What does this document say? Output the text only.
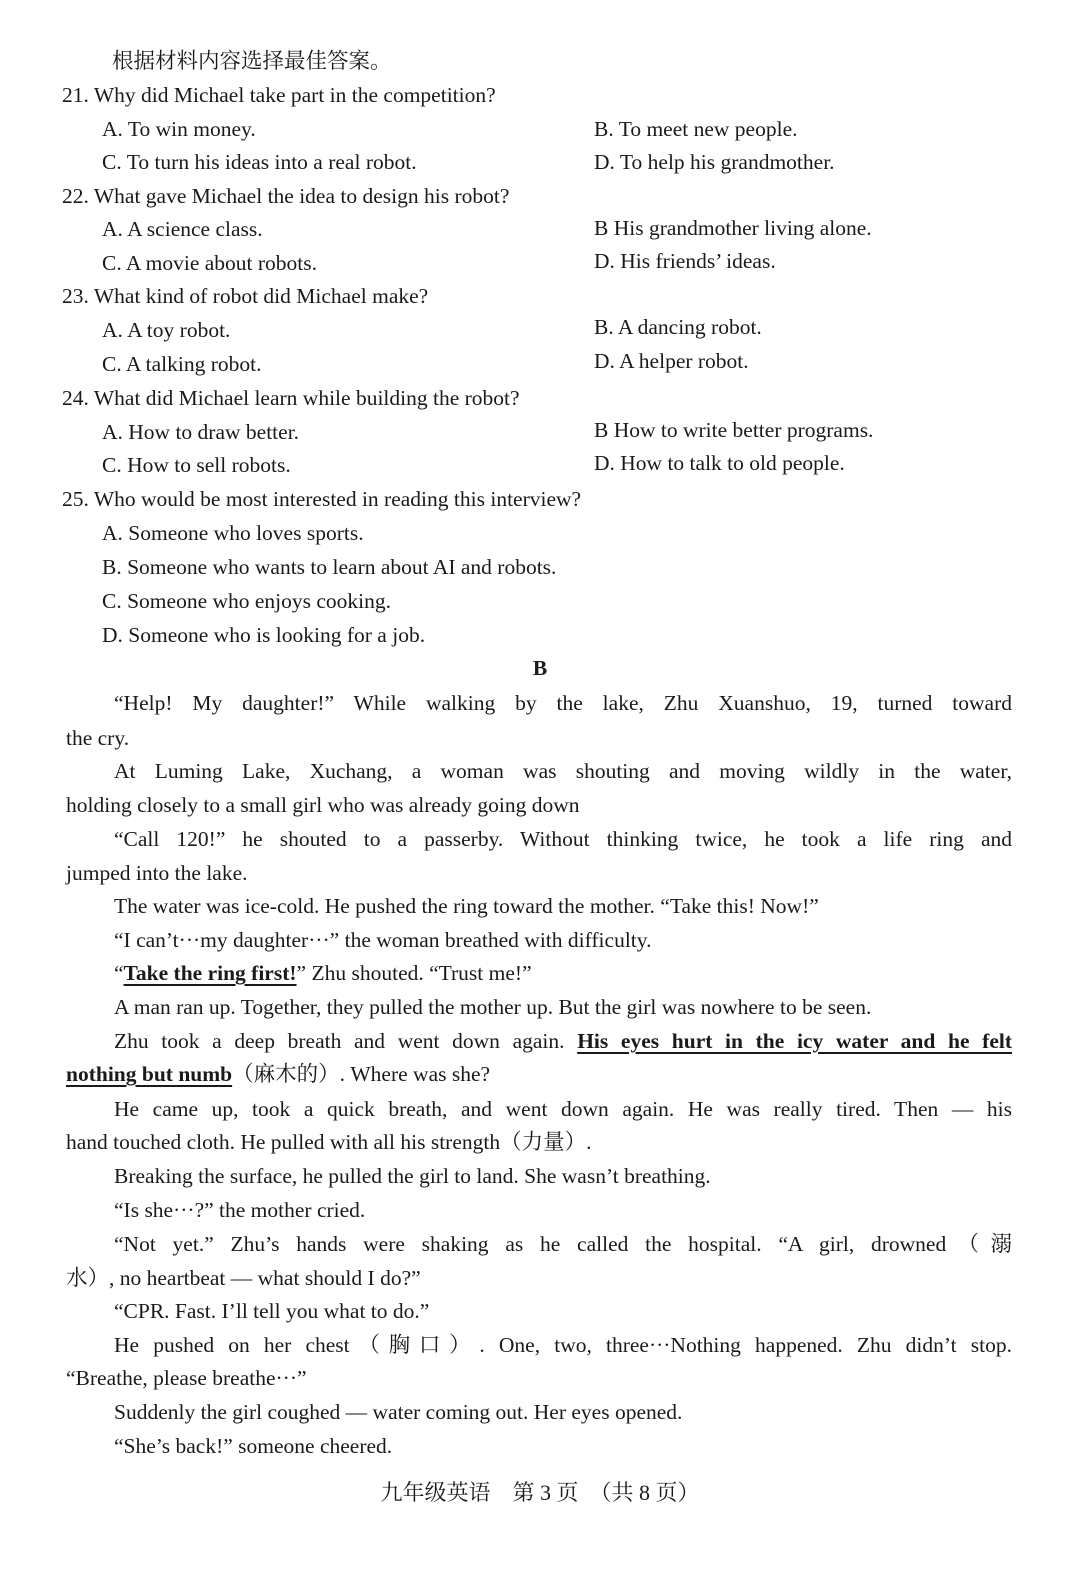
根据材料内容选择最佳答案。
21. Why did Michael take part in the competition?
A. To win money.	B. To meet new people.
C. To turn his ideas into a real robot.	D. To help his grandmother.
22. What gave Michael the idea to design his robot?
A. A science class.	B His grandmother living alone.
C. A movie about robots.	D. His friends’ ideas.
23. What kind of robot did Michael make?
A. A toy robot.	B. A dancing robot.
C. A talking robot.	D. A helper robot.
24. What did Michael learn while building the robot?
A. How to draw better.	B How to write better programs.
C. How to sell robots.	D. How to talk to old people.
25. Who would be most interested in reading this interview?
A. Someone who loves sports.
B. Someone who wants to learn about AI and robots.
C. Someone who enjoys cooking.
D. Someone who is looking for a job.
B
“Help! My daughter!” While walking by the lake, Zhu Xuanshuo, 19, turned toward
the cry.
At Luming Lake, Xuchang, a woman was shouting and moving wildly in the water,
holding closely to a small girl who was already going down
“Call 120!” he shouted to a passerby. Without thinking twice, he took a life ring and
jumped into the lake.
The water was ice-cold. He pushed the ring toward the mother. “Take this! Now!”
“I can’t···my daughter···” the woman breathed with difficulty.
“Take the ring first!” Zhu shouted. “Trust me!”
A man ran up. Together, they pulled the mother up. But the girl was nowhere to be seen.
Zhu took a deep breath and went down again. His eyes hurt in the icy water and he felt
nothing but numb（麻木的）. Where was she?
He came up, took a quick breath, and went down again. He was really tired. Then — his
hand touched cloth. He pulled with all his strength（力量）.
Breaking the surface, he pulled the girl to land. She wasn’t breathing.
“Is she···?” the mother cried.
“Not yet.” Zhu’s hands were shaking as he called the hospital. “A girl, drowned（溺
水）, no heartbeat — what should I do?”
“CPR. Fast. I’ll tell you what to do.”
He pushed on her chest（胸口）. One, two, three···Nothing happened. Zhu didn’t stop.
“Breathe, please breathe···”
Suddenly the girl coughed — water coming out. Her eyes opened.
“She’s back!” someone cheered.
九年级英语　第 3 页　（共 8 页）
